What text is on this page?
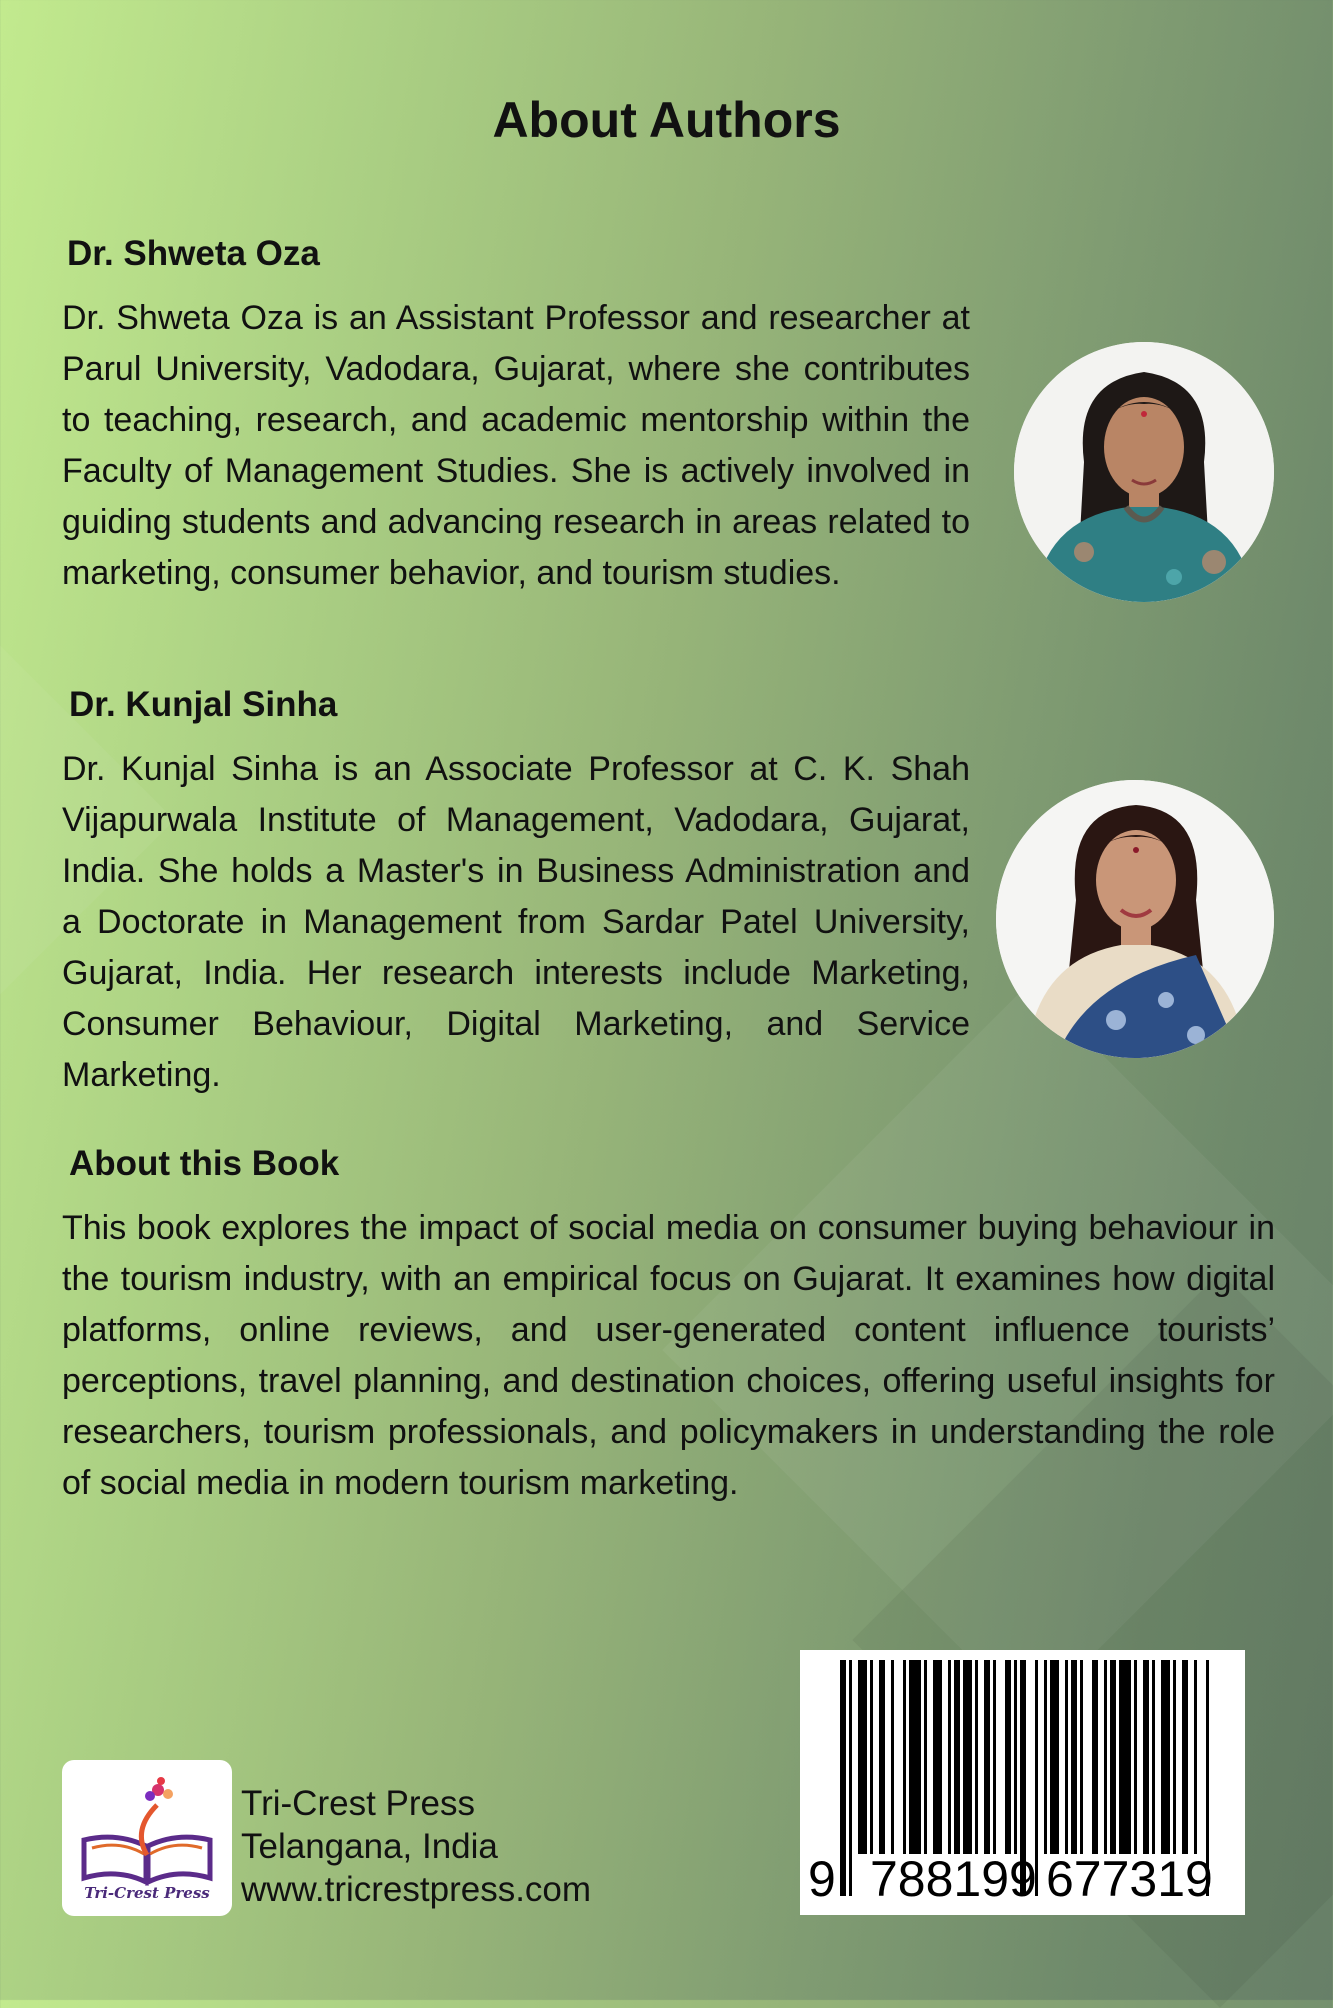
About Authors
Dr. Shweta Oza

Dr. Shweta Oza is an Assistant Professor and researcher at Parul University, Vadodara, Gujarat, where she contributes to teaching, research, and academic mentorship within the Faculty of Management Studies. She is actively involved in guiding students and advancing research in areas related to marketing, consumer behavior, and tourism studies.

Dr. Kunjal Sinha

Dr. Kunjal Sinha is an Associate Professor at C. K. Shah Vijapurwala Institute of Management, Vadodara, Gujarat, India. She holds a Master's in Business Administration and a Doctorate in Management from Sardar Patel University, Gujarat, India. Her research interests include Marketing, Consumer Behaviour, Digital Marketing, and Service Marketing.

About this Book

This book explores the impact of social media on consumer buying behaviour in the tourism industry, with an empirical focus on Gujarat. It examines how digital platforms, online reviews, and user-generated content influence tourists’ perceptions, travel planning, and destination choices, offering useful insights for researchers, tourism professionals, and policymakers in understanding the role of social media in modern tourism marketing.

Tri-Crest Press
Tri-Crest Press
Telangana, India
www.tricrestpress.com	9 788199 677319
